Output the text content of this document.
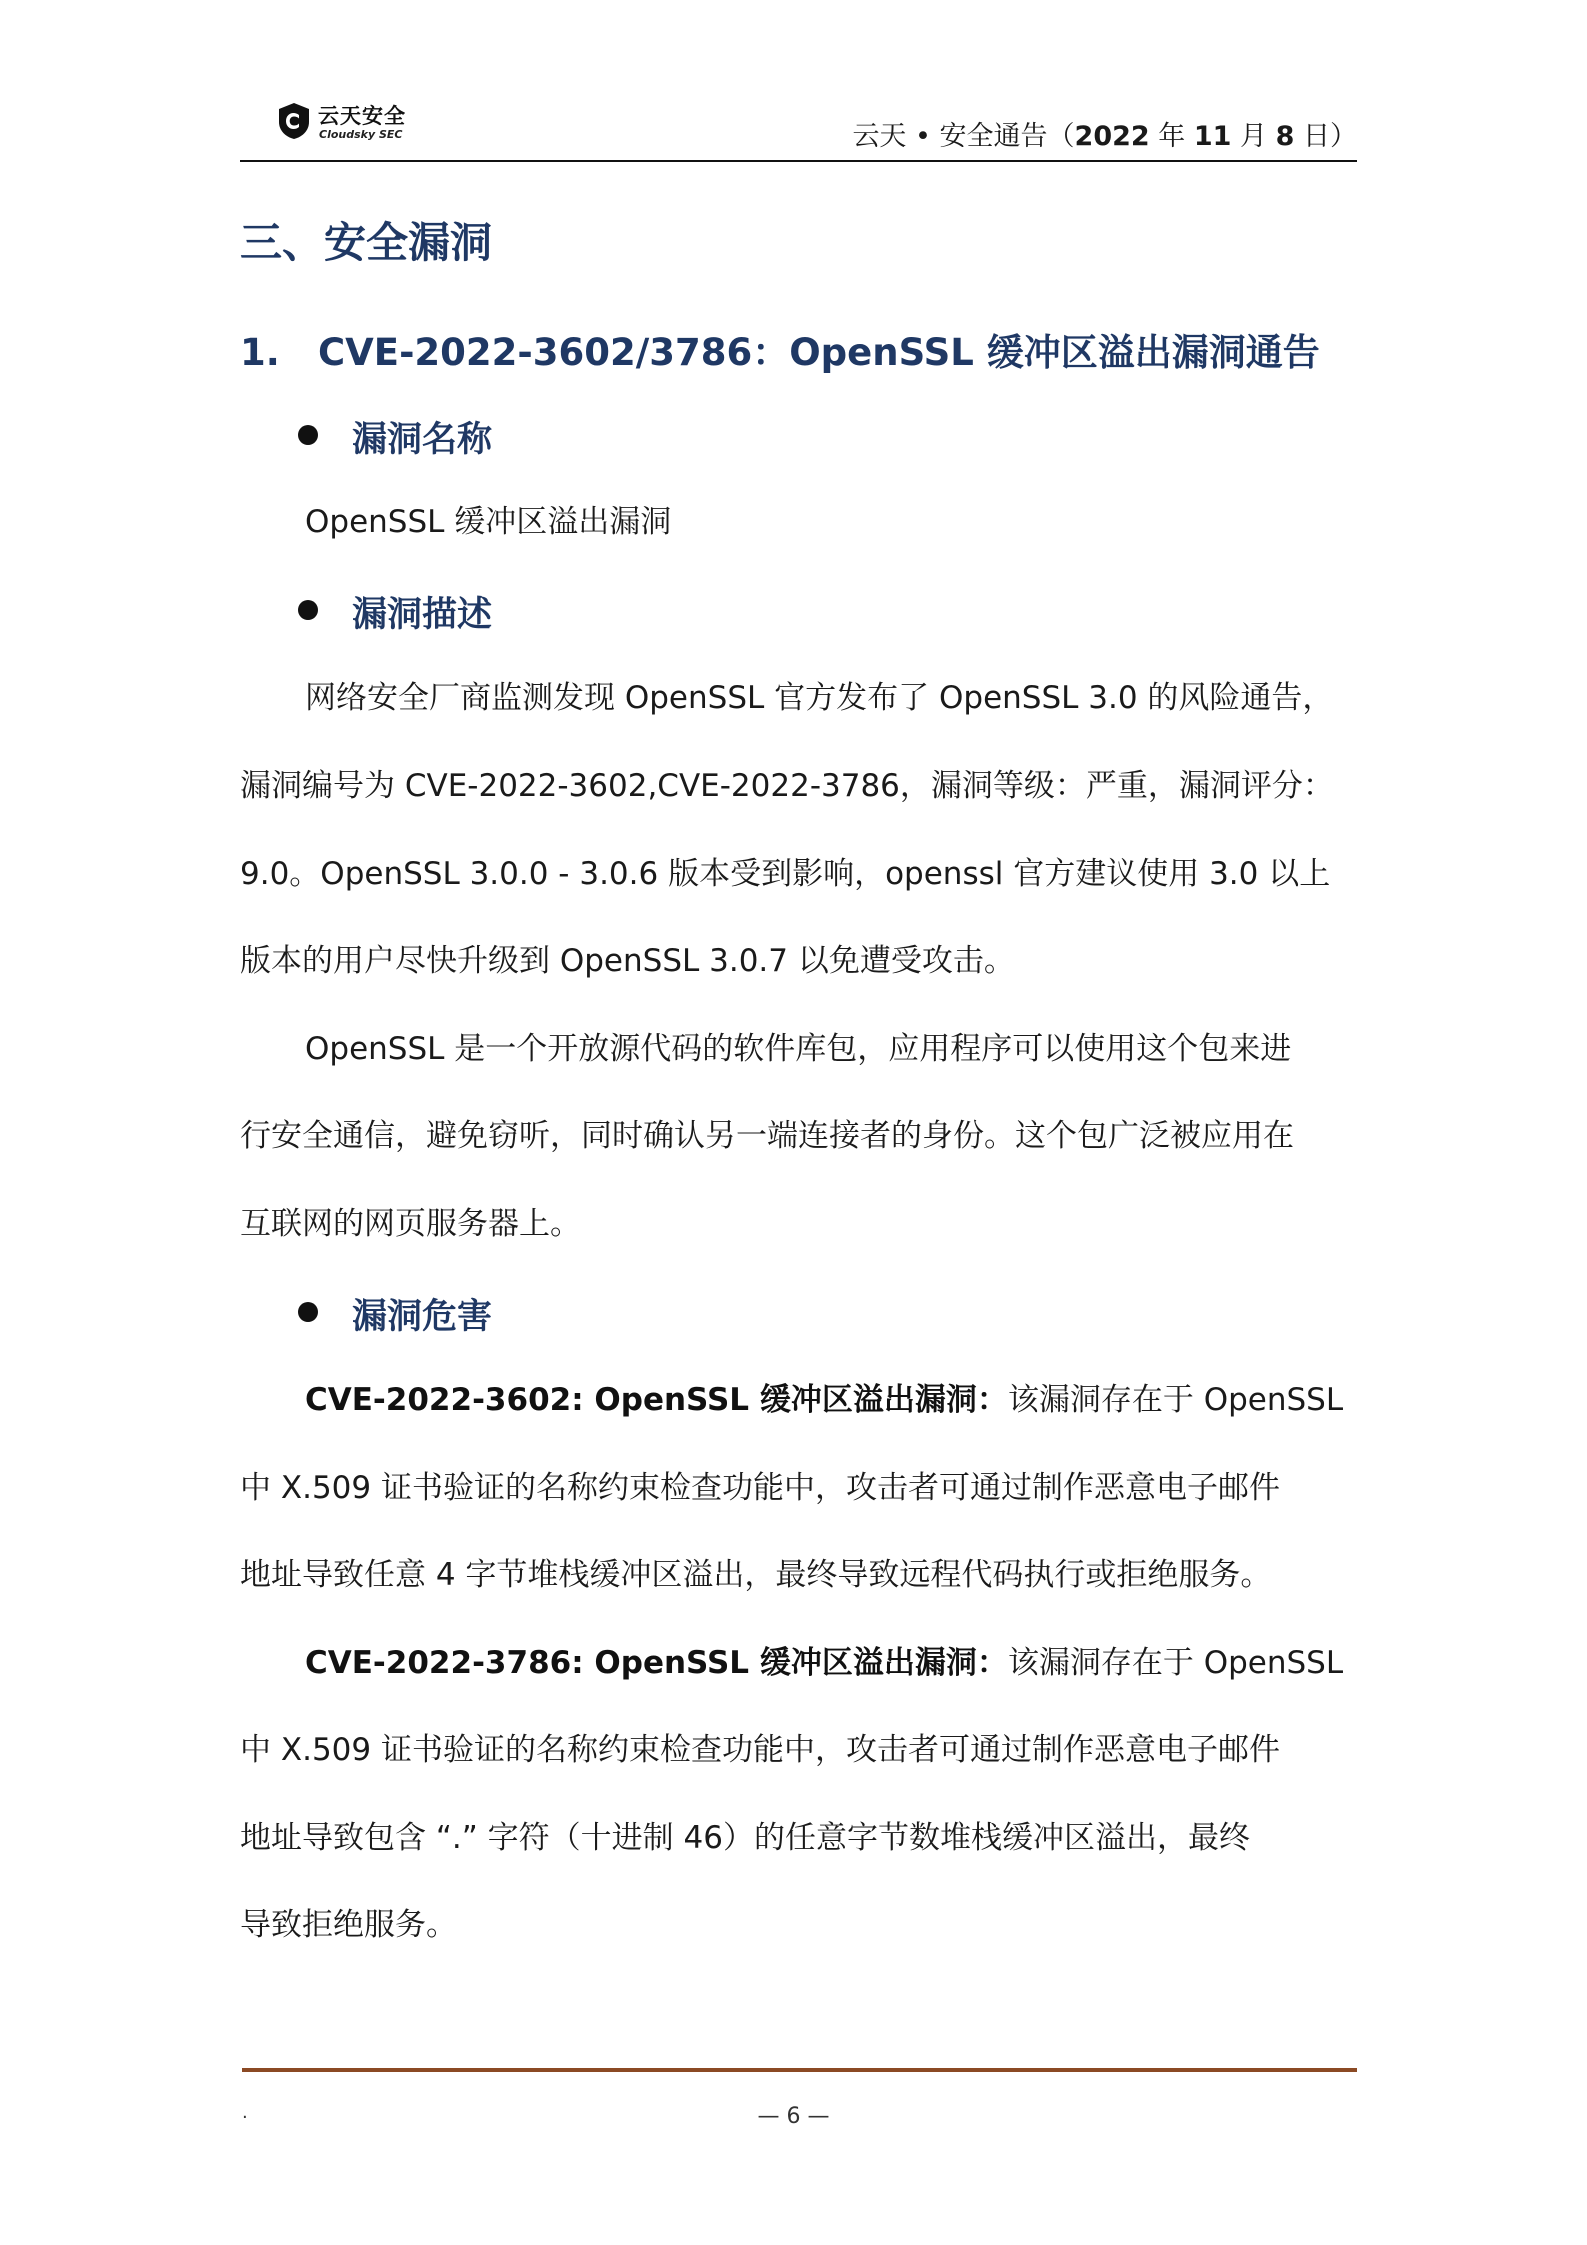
云天安全
Cloudsky SEC	云天 • 安全通告（2022 年 11 月 8 日）
三、安全漏洞
1. CVE-2022-3602/3786：OpenSSL 缓冲区溢出漏洞通告
漏洞名称
OpenSSL 缓冲区溢出漏洞
漏洞描述
网络安全厂商监测发现 OpenSSL 官方发布了 OpenSSL 3.0 的风险通告，
漏洞编号为 CVE-2022-3602,CVE-2022-3786，漏洞等级：严重，漏洞评分：
9.0。OpenSSL 3.0.0 - 3.0.6 版本受到影响，openssl 官方建议使用 3.0 以上
版本的用户尽快升级到 OpenSSL 3.0.7 以免遭受攻击。
OpenSSL 是一个开放源代码的软件库包，应用程序可以使用这个包来进
行安全通信，避免窃听，同时确认另一端连接者的身份。这个包广泛被应用在
互联网的网页服务器上。
漏洞危害
CVE-2022-3602: OpenSSL 缓冲区溢出漏洞：该漏洞存在于 OpenSSL
中 X.509 证书验证的名称约束检查功能中，攻击者可通过制作恶意电子邮件
地址导致任意 4 字节堆栈缓冲区溢出，最终导致远程代码执行或拒绝服务。
CVE-2022-3786: OpenSSL 缓冲区溢出漏洞：该漏洞存在于 OpenSSL
中 X.509 证书验证的名称约束检查功能中，攻击者可通过制作恶意电子邮件
地址导致包含 “.” 字符（十进制 46）的任意字节数堆栈缓冲区溢出，最终
导致拒绝服务。
.	— 6 —
